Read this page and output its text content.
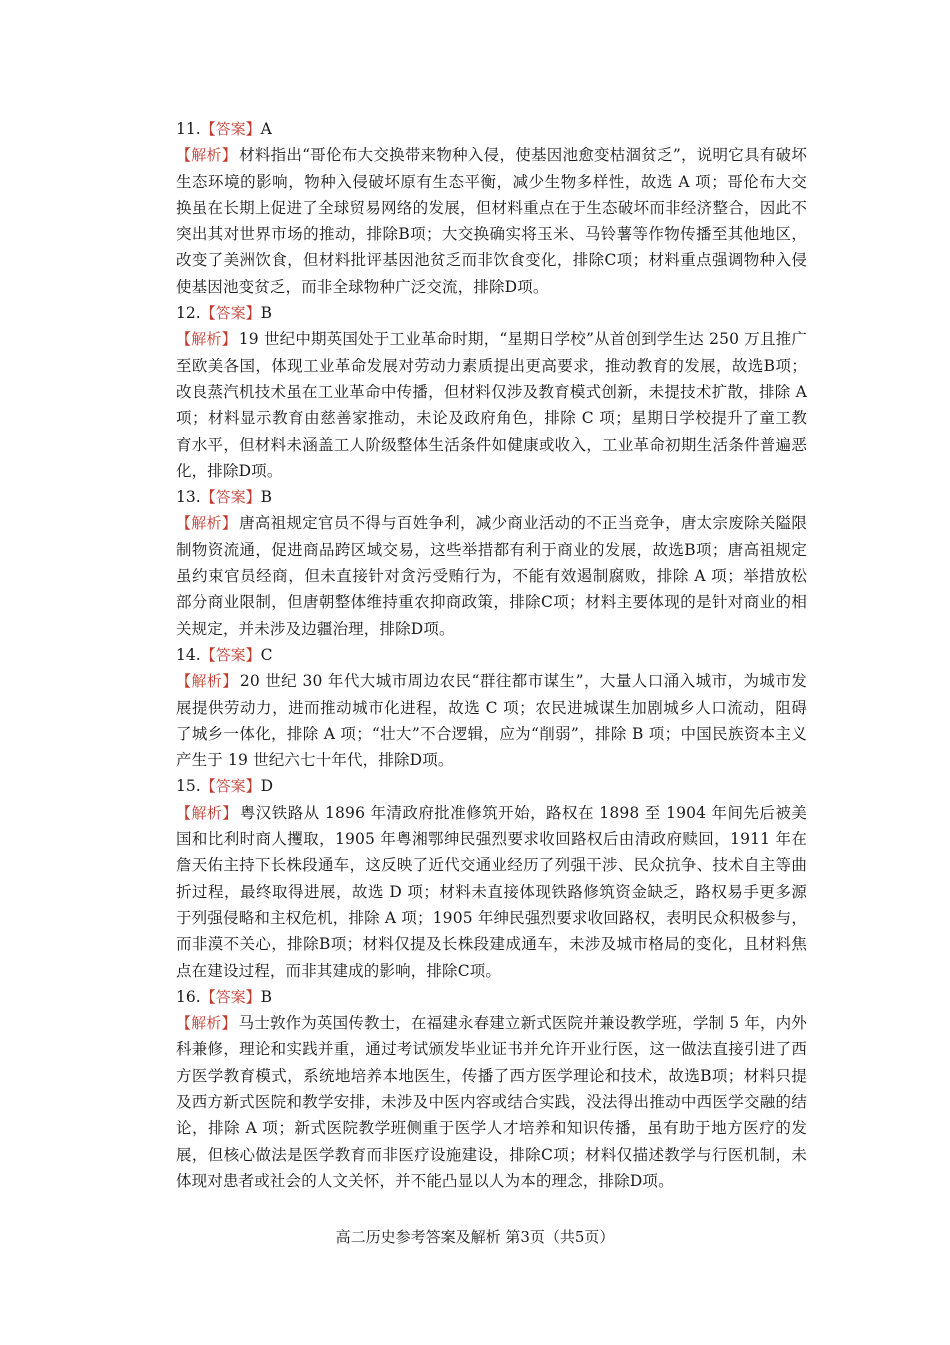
11.【答案】A

【解析】 材料指出“哥伦布大交换带来物种入侵，使基因池愈变枯涸贫乏”，说明它具有破坏生态环境的影响，物种入侵破坏原有生态平衡，减少生物多样性，故选 A 项；哥伦布大交换虽在长期上促进了全球贸易网络的发展，但材料重点在于生态破坏而非经济整合，因此不突出其对世界市场的推动，排除B项；大交换确实将玉米、马铃薯等作物传播至其他地区，改变了美洲饮食，但材料批评基因池贫乏而非饮食变化，排除C项；材料重点强调物种入侵使基因池变贫乏，而非全球物种广泛交流，排除D项。

12.【答案】B

【解析】 19 世纪中期英国处于工业革命时期，“星期日学校”从首创到学生达 250 万且推广至欧美各国，体现工业革命发展对劳动力素质提出更高要求，推动教育的发展，故选B项；改良蒸汽机技术虽在工业革命中传播，但材料仅涉及教育模式创新，未提技术扩散，排除 A 项；材料显示教育由慈善家推动，未论及政府角色，排除 C 项；星期日学校提升了童工教育水平，但材料未涵盖工人阶级整体生活条件如健康或收入，工业革命初期生活条件普遍恶化，排除D项。

13.【答案】B

【解析】 唐高祖规定官员不得与百姓争利，减少商业活动的不正当竞争，唐太宗废除关隘限制物资流通，促进商品跨区域交易，这些举措都有利于商业的发展，故选B项；唐高祖规定虽约束官员经商，但未直接针对贪污受贿行为，不能有效遏制腐败，排除 A 项；举措放松部分商业限制，但唐朝整体维持重农抑商政策，排除C项；材料主要体现的是针对商业的相关规定，并未涉及边疆治理，排除D项。

14.【答案】C

【解析】 20 世纪 30 年代大城市周边农民“群往都市谋生”，大量人口涌入城市，为城市发展提供劳动力，进而推动城市化进程，故选 C 项；农民进城谋生加剧城乡人口流动，阻碍了城乡一体化，排除 A 项；“壮大”不合逻辑，应为“削弱”，排除 B 项；中国民族资本主义产生于 19 世纪六七十年代，排除D项。

15.【答案】D

【解析】 粤汉铁路从 1896 年清政府批准修筑开始，路权在 1898 至 1904 年间先后被美国和比利时商人攫取，1905 年粤湘鄂绅民强烈要求收回路权后由清政府赎回，1911 年在詹天佑主持下长株段通车，这反映了近代交通业经历了列强干涉、民众抗争、技术自主等曲折过程，最终取得进展，故选 D 项；材料未直接体现铁路修筑资金缺乏，路权易手更多源于列强侵略和主权危机，排除 A 项；1905 年绅民强烈要求收回路权，表明民众积极参与，而非漠不关心，排除B项；材料仅提及长株段建成通车，未涉及城市格局的变化，且材料焦点在建设过程，而非其建成的影响，排除C项。

16.【答案】B

【解析】 马士敦作为英国传教士，在福建永春建立新式医院并兼设教学班，学制 5 年，内外科兼修，理论和实践并重，通过考试颁发毕业证书并允许开业行医，这一做法直接引进了西方医学教育模式，系统地培养本地医生，传播了西方医学理论和技术，故选B项；材料只提及西方新式医院和教学安排，未涉及中医内容或结合实践，没法得出推动中西医学交融的结论，排除 A 项；新式医院教学班侧重于医学人才培养和知识传播，虽有助于地方医疗的发展，但核心做法是医学教育而非医疗设施建设，排除C项；材料仅描述教学与行医机制，未体现对患者或社会的人文关怀，并不能凸显以人为本的理念，排除D项。

高二历史参考答案及解析 第3页（共5页）
